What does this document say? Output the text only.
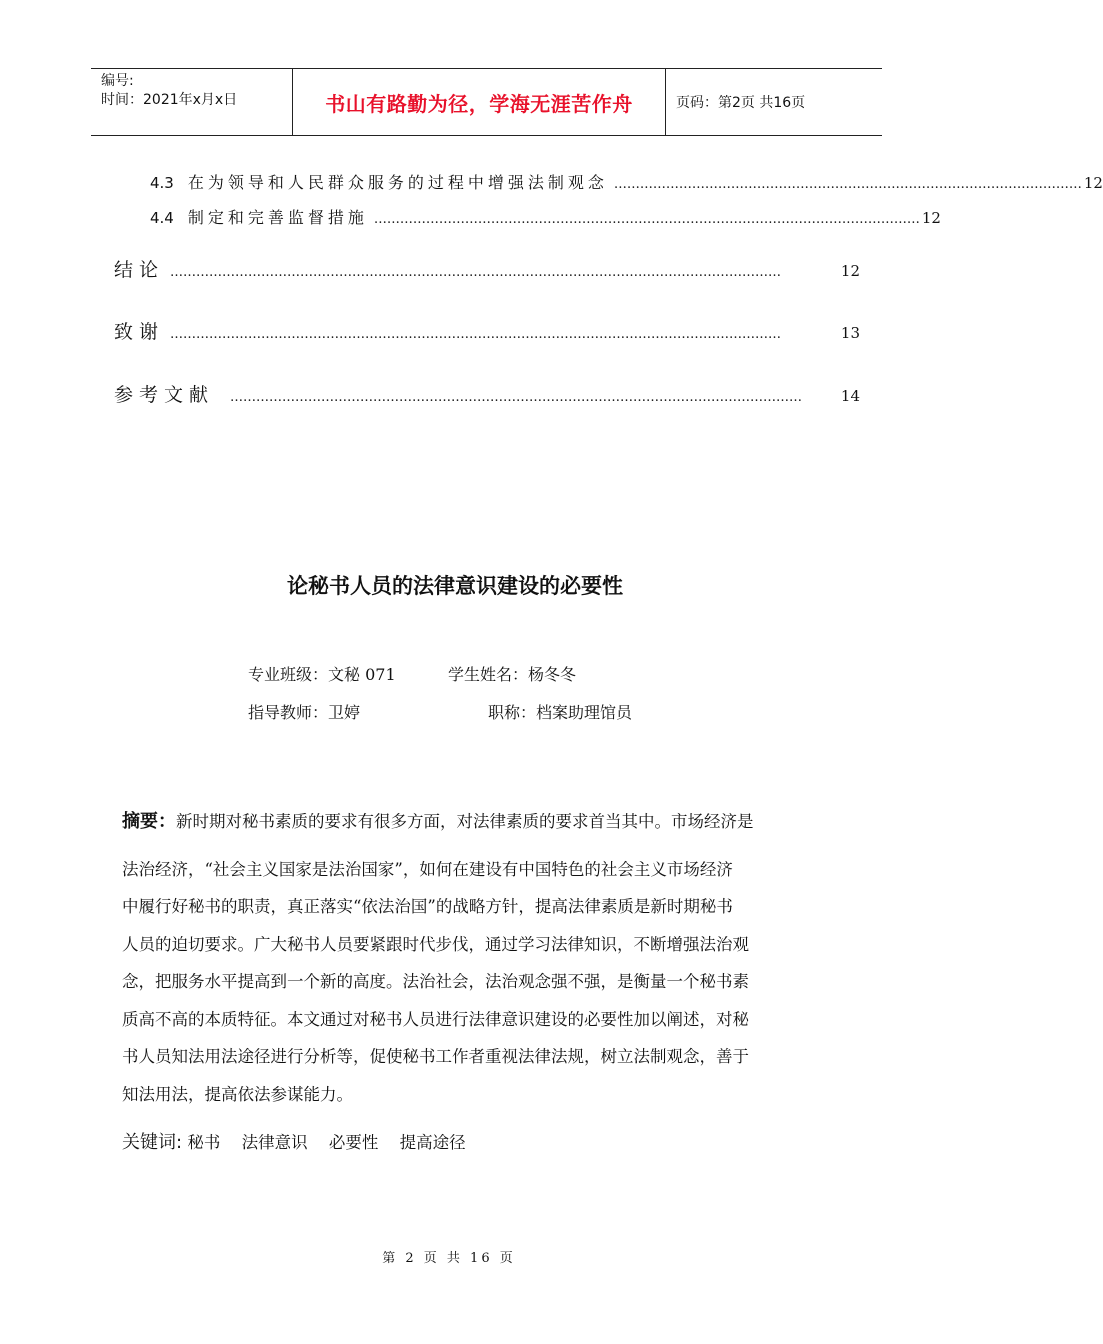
编号:
时间：2021年x月x日	书山有路勤为径，学海无涯苦作舟	页码：第2页 共16页
4.3 在为领导和人民群众服务的过程中增强法制观念 ……………………………………………………………………………………………… 12
4.4 制定和完善监督措施 ……………………………………………………………………………………………………………… 12
结论 ……………………………………………………………………………………………………………………………	12
致谢 ……………………………………………………………………………………………………………………………	13
参考文献	……………………………………………………………………………………………………………………	14
论秘书人员的法律意识建设的必要性
专业班级：文秘 071	学生姓名：杨冬冬
指导教师：卫婷	职称：档案助理馆员
摘要：新时期对秘书素质的要求有很多方面，对法律素质的要求首当其中。市场经济是
法治经济，“社会主义国家是法治国家”，如何在建设有中国特色的社会主义市场经济
中履行好秘书的职责，真正落实“依法治国”的战略方针，提高法律素质是新时期秘书
人员的迫切要求。广大秘书人员要紧跟时代步伐，通过学习法律知识，不断增强法治观
念，把服务水平提高到一个新的高度。法治社会，法治观念强不强，是衡量一个秘书素
质高不高的本质特征。本文通过对秘书人员进行法律意识建设的必要性加以阐述，对秘
书人员知法用法途径进行分析等，促使秘书工作者重视法律法规，树立法制观念，善于
知法用法，提高依法参谋能力。
关键词: 秘书 法律意识 必要性 提高途径
第 2 页 共 16 页
